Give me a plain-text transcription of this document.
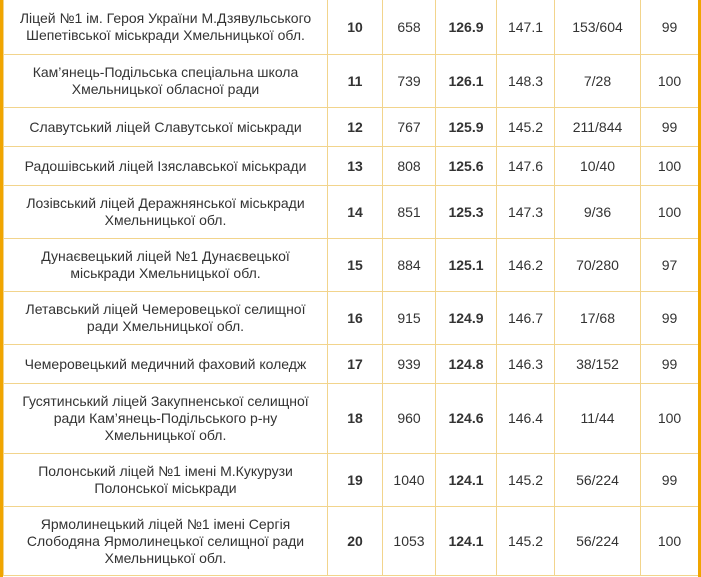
Ліцей №1 ім. Героя України М.Дзявульського Шепетівської міськради Хмельницької обл.	10	658	126.9	147.1	153/604	99
Кам’янець-Подільська спеціальна школа Хмельницької обласної ради	11	739	126.1	148.3	7/28	100
Славутський ліцей Славутської міськради	12	767	125.9	145.2	211/844	99
Радошівський ліцей Ізяславської міськради	13	808	125.6	147.6	10/40	100
Лозівський ліцей Деражнянської міськради Хмельницької обл.	14	851	125.3	147.3	9/36	100
Дунаєвецький ліцей №1 Дунаєвецької міськради Хмельницької обл.	15	884	125.1	146.2	70/280	97
Летавський ліцей Чемеровецької селищної ради Хмельницької обл.	16	915	124.9	146.7	17/68	99
Чемеровецький медичний фаховий коледж	17	939	124.8	146.3	38/152	99
Гусятинський ліцей Закупненської селищної ради Кам’янець-Подільського р-ну Хмельницької обл.	18	960	124.6	146.4	11/44	100
Полонський ліцей №1 імені М.Кукурузи Полонської міськради	19	1040	124.1	145.2	56/224	99
Ярмолинецький ліцей №1 імені Сергія Слободяна Ярмолинецької селищної ради Хмельницької обл.	20	1053	124.1	145.2	56/224	100
